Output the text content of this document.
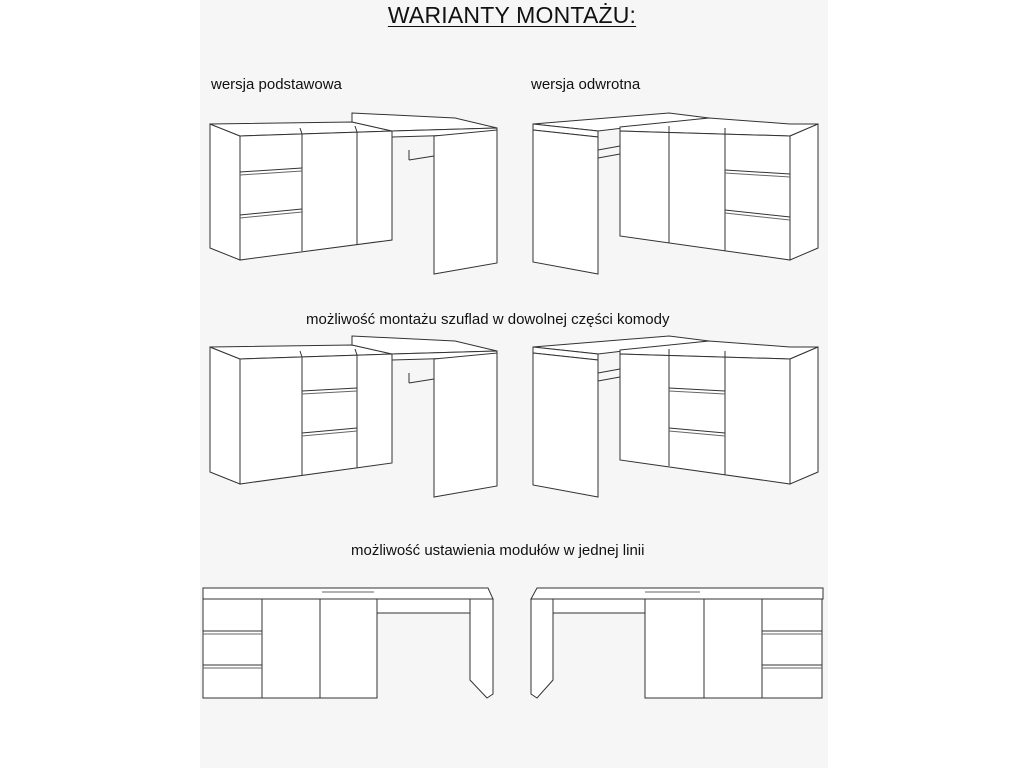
WARIANTY MONTAŻU:
wersja podstawowa	wersja odwrotna
możliwość montażu szuflad w dowolnej części komody
możliwość ustawienia modułów w jednej linii
